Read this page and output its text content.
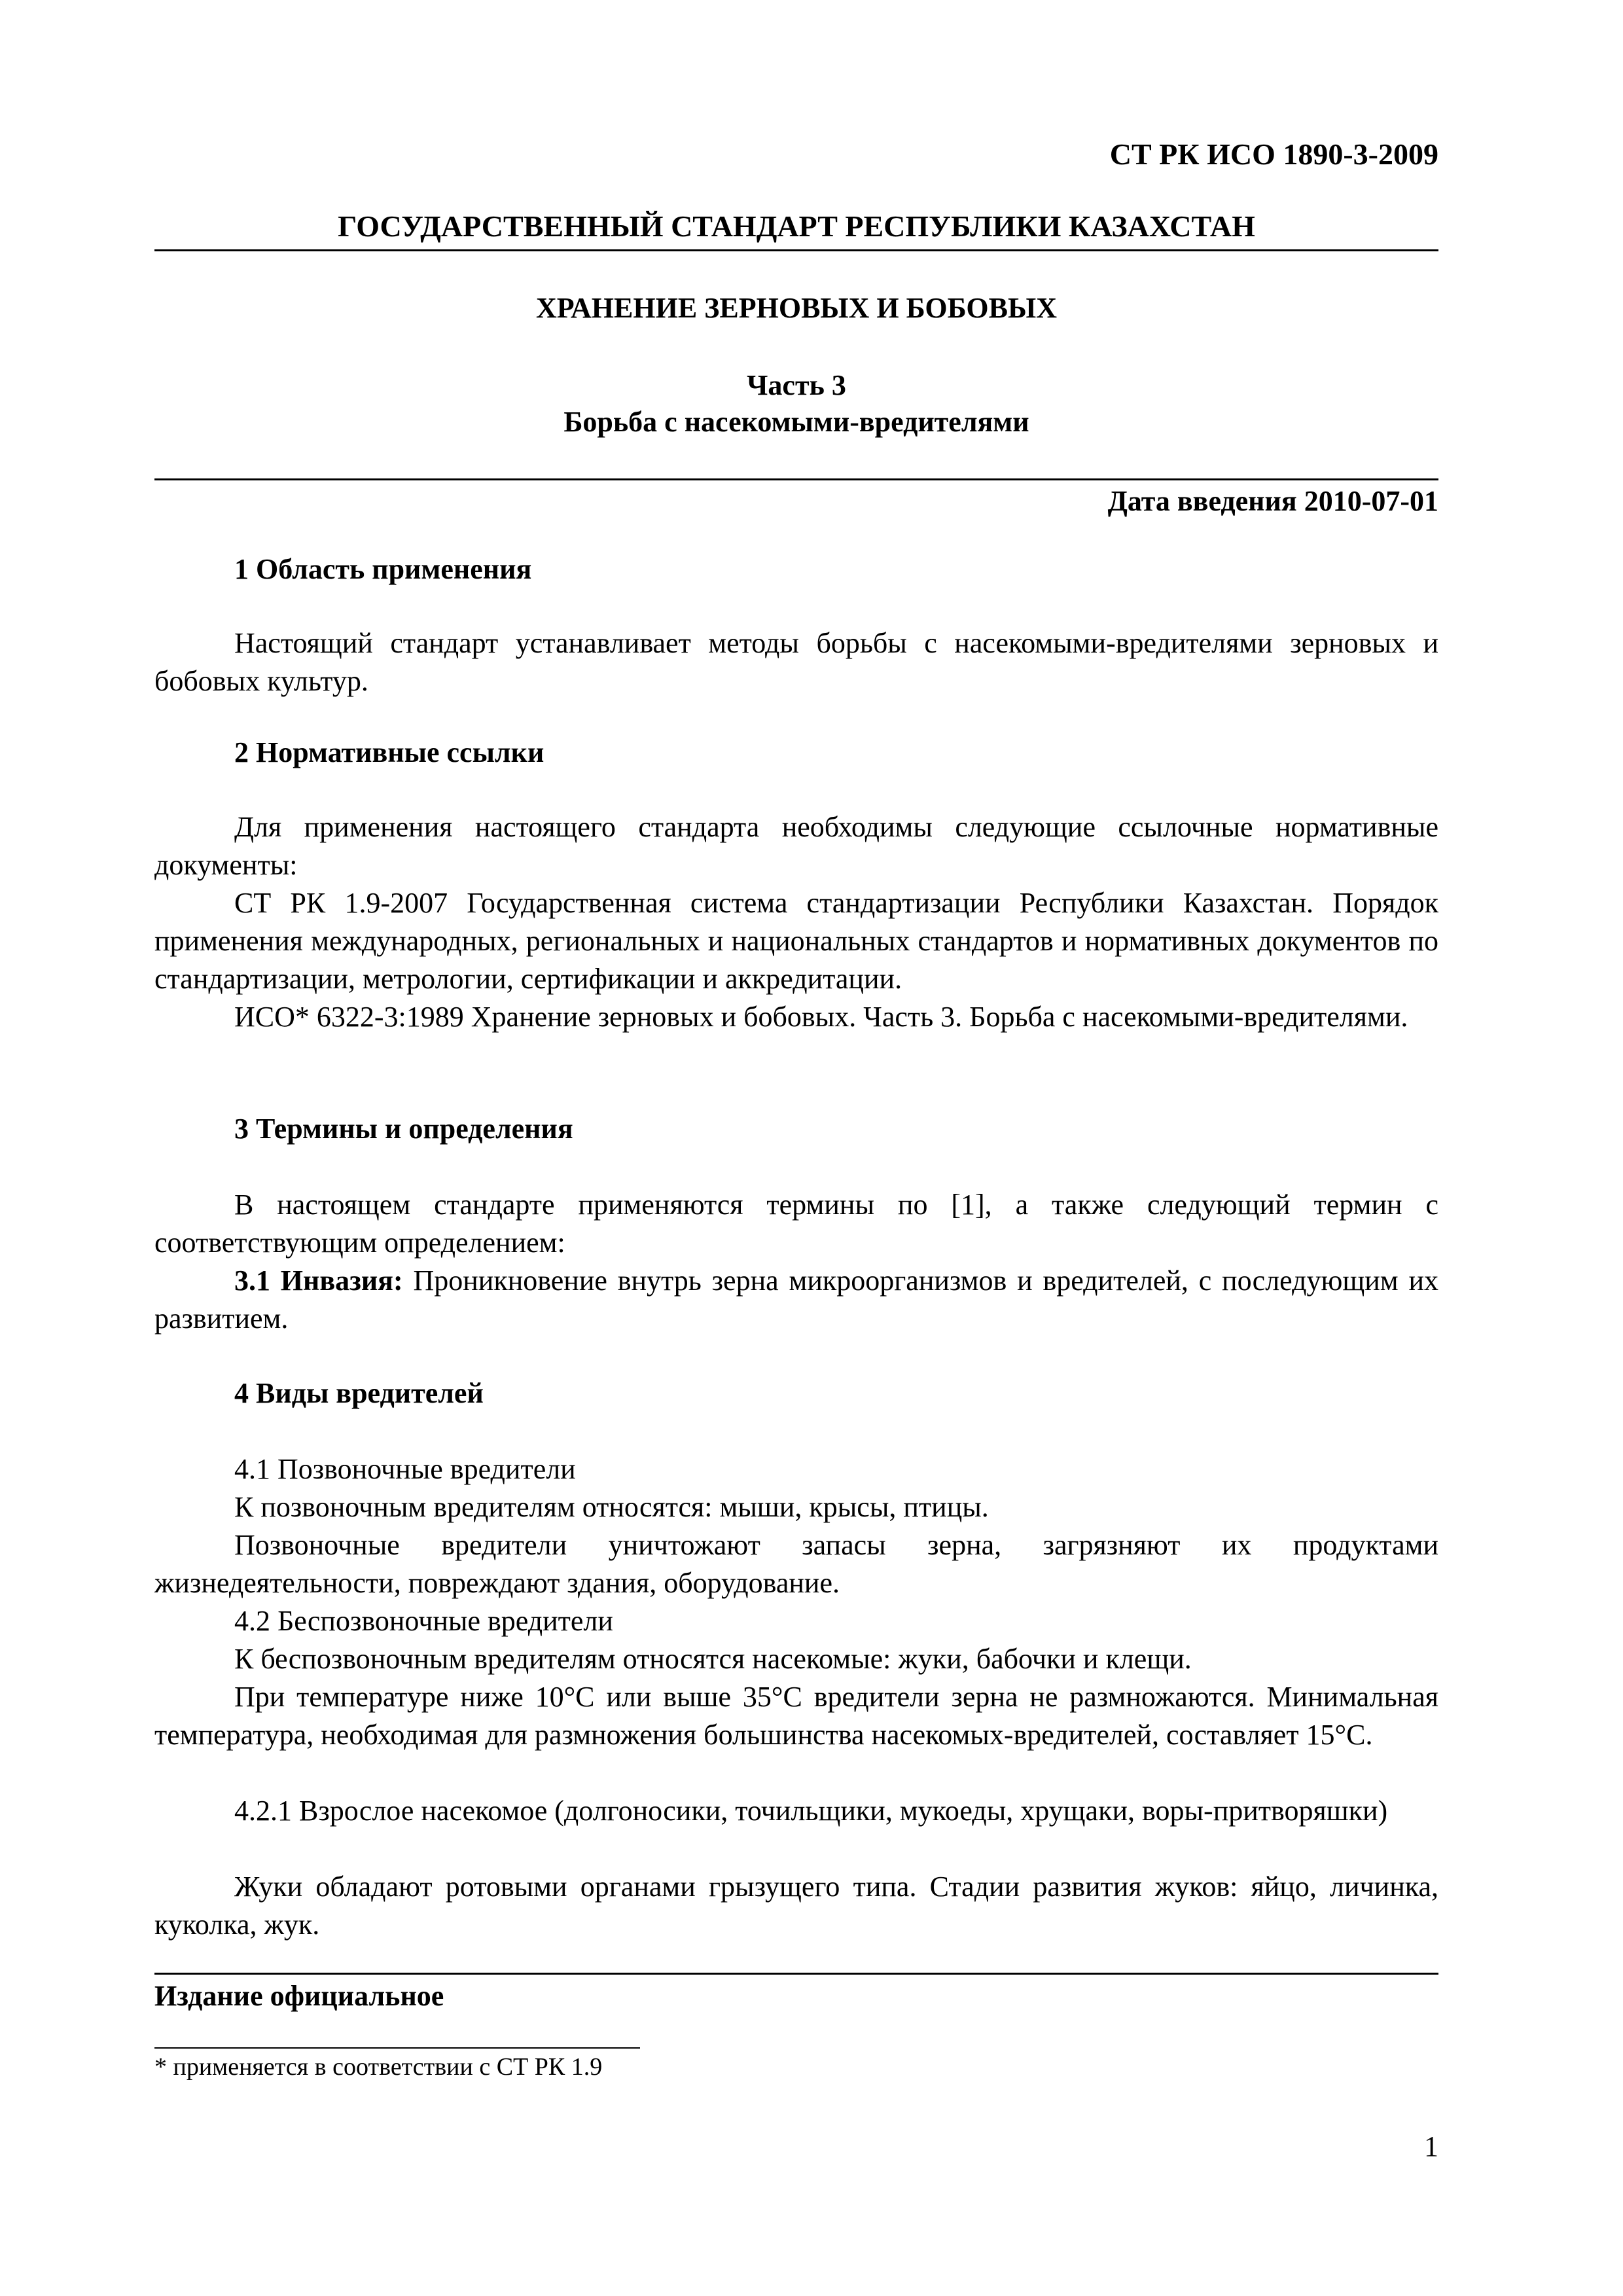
СТ РК ИСО 1890-3-2009
ГОСУДАРСТВЕННЫЙ СТАНДАРТ РЕСПУБЛИКИ КАЗАХСТАН
ХРАНЕНИЕ ЗЕРНОВЫХ И БОБОВЫХ
Часть 3
Борьба с насекомыми-вредителями
Дата введения 2010-07-01

1 Область применения

Настоящий стандарт устанавливает методы борьбы с насекомыми-вредителями зерновых и бобовых культур.

2 Нормативные ссылки

Для применения настоящего стандарта необходимы следующие ссылочные нормативные документы:

СТ РК 1.9-2007 Государственная система стандартизации Республики Казахстан. Порядок применения международных, региональных и национальных стандартов и нормативных документов по стандартизации, метрологии, сертификации и аккредитации.

ИСО* 6322-3:1989 Хранение зерновых и бобовых. Часть 3. Борьба с насекомыми-вредителями.

3 Термины и определения

В настоящем стандарте применяются термины по [1], а также следующий термин с соответствующим определением:

3.1 Инвазия: Проникновение внутрь зерна микроорганизмов и вредителей, с последующим их развитием.

4 Виды вредителей

4.1 Позвоночные вредители

К позвоночным вредителям относятся: мыши, крысы, птицы.

Позвоночные вредители уничтожают запасы зерна, загрязняют их продуктами жизнедеятельности, повреждают здания, оборудование.

4.2 Беспозвоночные вредители

К беспозвоночным вредителям относятся насекомые: жуки, бабочки и клещи.

При температуре ниже 10°С или выше 35°С вредители зерна не размножаются. Минимальная температура, необходимая для размножения большинства насекомых-вредителей, составляет 15°С.

4.2.1 Взрослое насекомое (долгоносики, точильщики, мукоеды, хрущаки, воры-притворяшки)

Жуки обладают ротовыми органами грызущего типа. Стадии развития жуков: яйцо, личинка, куколка, жук.

Издание официальное
* применяется в соответствии с СТ РК 1.9
1
